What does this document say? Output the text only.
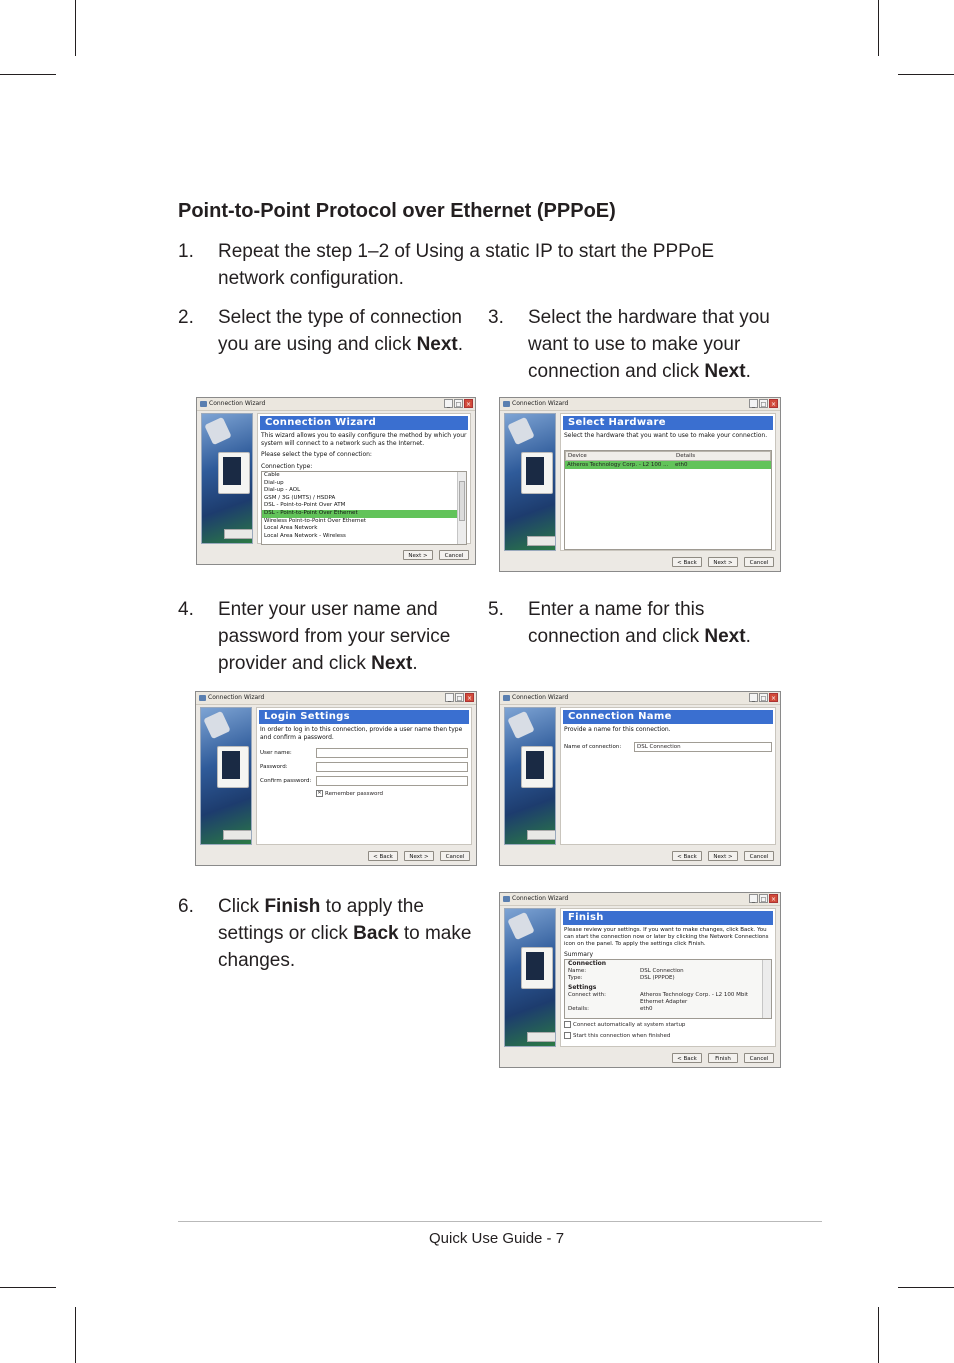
Point-to-Point Protocol over Ethernet (PPPoE)
1. Repeat the step 1–2 of Using a static IP to start the PPPoE
network conﬁguration.
2. Select the type of connection
you are using and click Next.
3. Select the hardware that you
want to use to make your
connection and click Next.
Connection Wizard	_ □ ×
Connection Wizard
This wizard allows you to easily configure the method by which your system will connect to a network such as the Internet.
Please select the type of connection:
Connection type:
Cable
Dial-up
Dial-up - AOL
GSM / 3G (UMTS) / HSDPA
DSL - Point-to-Point Over ATM
DSL - Point-to-Point Over Ethernet
Wireless Point-to-Point Over Ethernet
Local Area Network
Local Area Network - Wireless
Next >	Cancel
Connection Wizard	_ □ ×
Select Hardware
Select the hardware that you want to use to make your connection.
Device	Details
Atheros Technology Corp. - L2 100 ...	eth0
< Back	Next >	Cancel
4. Enter your user name and
password from your service
provider and click Next.
5. Enter a name for this
connection and click Next.
Connection Wizard	_ □ ×
Login Settings
In order to log in to this connection, provide a user name then type and confirm a password.
User name:
Password:
Confirm password:
✕ Remember password
< Back	Next >	Cancel
Connection Wizard	_ □ ×
Connection Name
Provide a name for this connection.
Name of connection:	DSL Connection
< Back	Next >	Cancel
6. Click Finish to apply the
settings or click Back to make
changes.
Connection Wizard	_ □ ×
Finish
Please review your settings. If you want to make changes, click Back. You can start the connection now or later by clicking the Network Connections icon on the panel. To apply the settings click Finish.
Summary
Connection
Name:	DSL Connection
Type:	DSL (PPPOE)
Settings
Connect with:	Atheros Technology Corp. - L2 100 Mbit
Ethernet Adapter
Details:	eth0
Connect automatically at system startup
Start this connection when finished
< Back	Finish	Cancel
Quick Use Guide - 7
